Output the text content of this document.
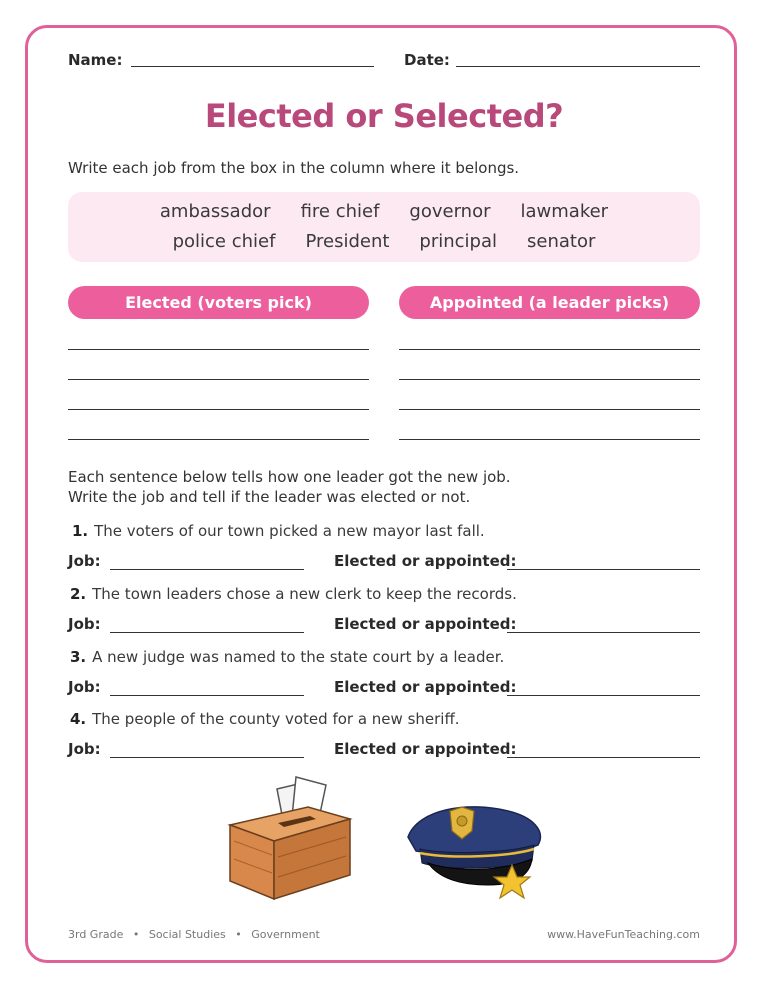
Name:	Date:
Elected or Selected?
Write each job from the box in the column where it belongs.
ambassador fire chief governor lawmaker
police chief President principal senator
Elected (voters pick)	Appointed (a leader picks)
Each sentence below tells how one leader got the new job.
Write the job and tell if the leader was elected or not.
1. The voters of our town picked a new mayor last fall.
Job:	Elected or appointed:
2. The town leaders chose a new clerk to keep the records.
Job:	Elected or appointed:
3. A new judge was named to the state court by a leader.
Job:	Elected or appointed:
4. The people of the county voted for a new sheriff.
Job:	Elected or appointed:
3rd Grade • Social Studies • Government	www.HaveFunTeaching.com
